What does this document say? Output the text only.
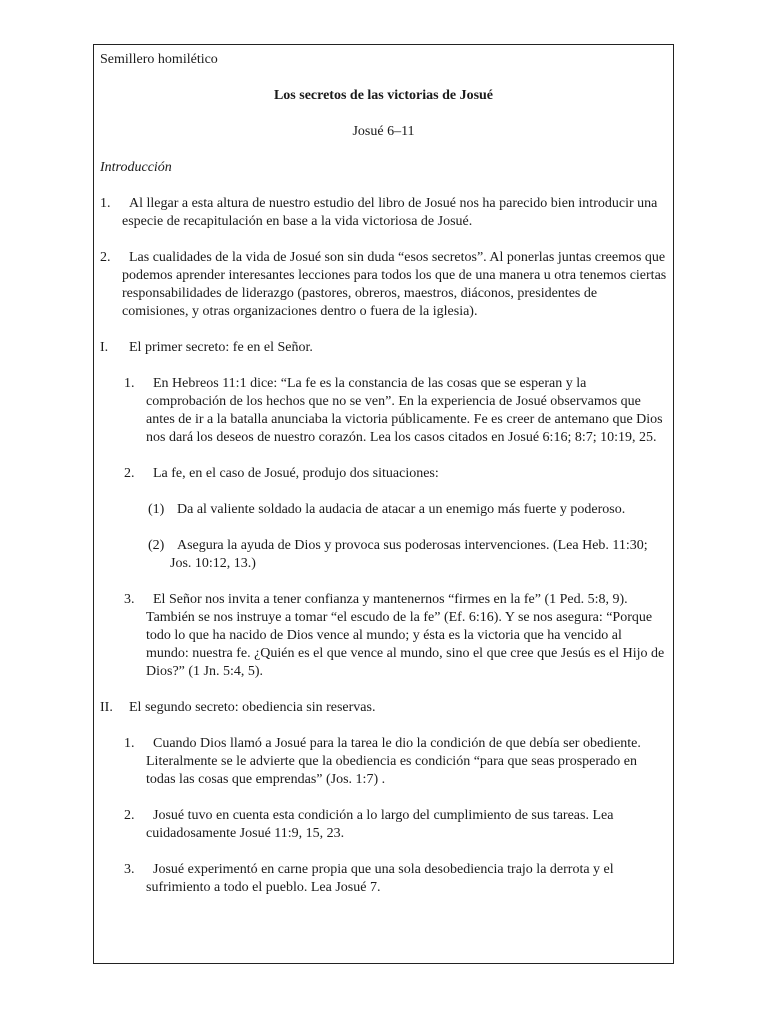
Semillero homilético
Los secretos de las victorias de Josué
Josué 6–11
Introducción
1. Al llegar a esta altura de nuestro estudio del libro de Josué nos ha parecido bien introducir una especie de recapitulación en base a la vida victoriosa de Josué.
2. Las cualidades de la vida de Josué son sin duda “esos secretos”. Al ponerlas juntas creemos que podemos aprender interesantes lecciones para todos los que de una manera u otra tenemos ciertas responsabilidades de liderazgo (pastores, obreros, maestros, diáconos, presidentes de comisiones, y otras organizaciones dentro o fuera de la iglesia).
I. El primer secreto: fe en el Señor.
1. En Hebreos 11:1 dice: “La fe es la constancia de las cosas que se esperan y la comprobación de los hechos que no se ven”. En la experiencia de Josué observamos que antes de ir a la batalla anunciaba la victoria públicamente. Fe es creer de antemano que Dios nos dará los deseos de nuestro corazón. Lea los casos citados en Josué 6:16; 8:7; 10:19, 25.
2. La fe, en el caso de Josué, produjo dos situaciones:
(1) Da al valiente soldado la audacia de atacar a un enemigo más fuerte y poderoso.
(2) Asegura la ayuda de Dios y provoca sus poderosas intervenciones. (Lea Heb. 11:30; Jos. 10:12, 13.)
3. El Señor nos invita a tener confianza y mantenernos “firmes en la fe” (1 Ped. 5:8, 9). También se nos instruye a tomar “el escudo de la fe” (Ef. 6:16). Y se nos asegura: “Porque todo lo que ha nacido de Dios vence al mundo; y ésta es la victoria que ha vencido al mundo: nuestra fe. ¿Quién es el que vence al mundo, sino el que cree que Jesús es el Hijo de Dios?” (1 Jn. 5:4, 5).
II. El segundo secreto: obediencia sin reservas.
1. Cuando Dios llamó a Josué para la tarea le dio la condición de que debía ser obediente. Literalmente se le advierte que la obediencia es condición “para que seas prosperado en todas las cosas que emprendas” (Jos. 1:7) .
2. Josué tuvo en cuenta esta condición a lo largo del cumplimiento de sus tareas. Lea cuidadosamente Josué 11:9, 15, 23.
3. Josué experimentó en carne propia que una sola desobediencia trajo la derrota y el sufrimiento a todo el pueblo. Lea Josué 7.
